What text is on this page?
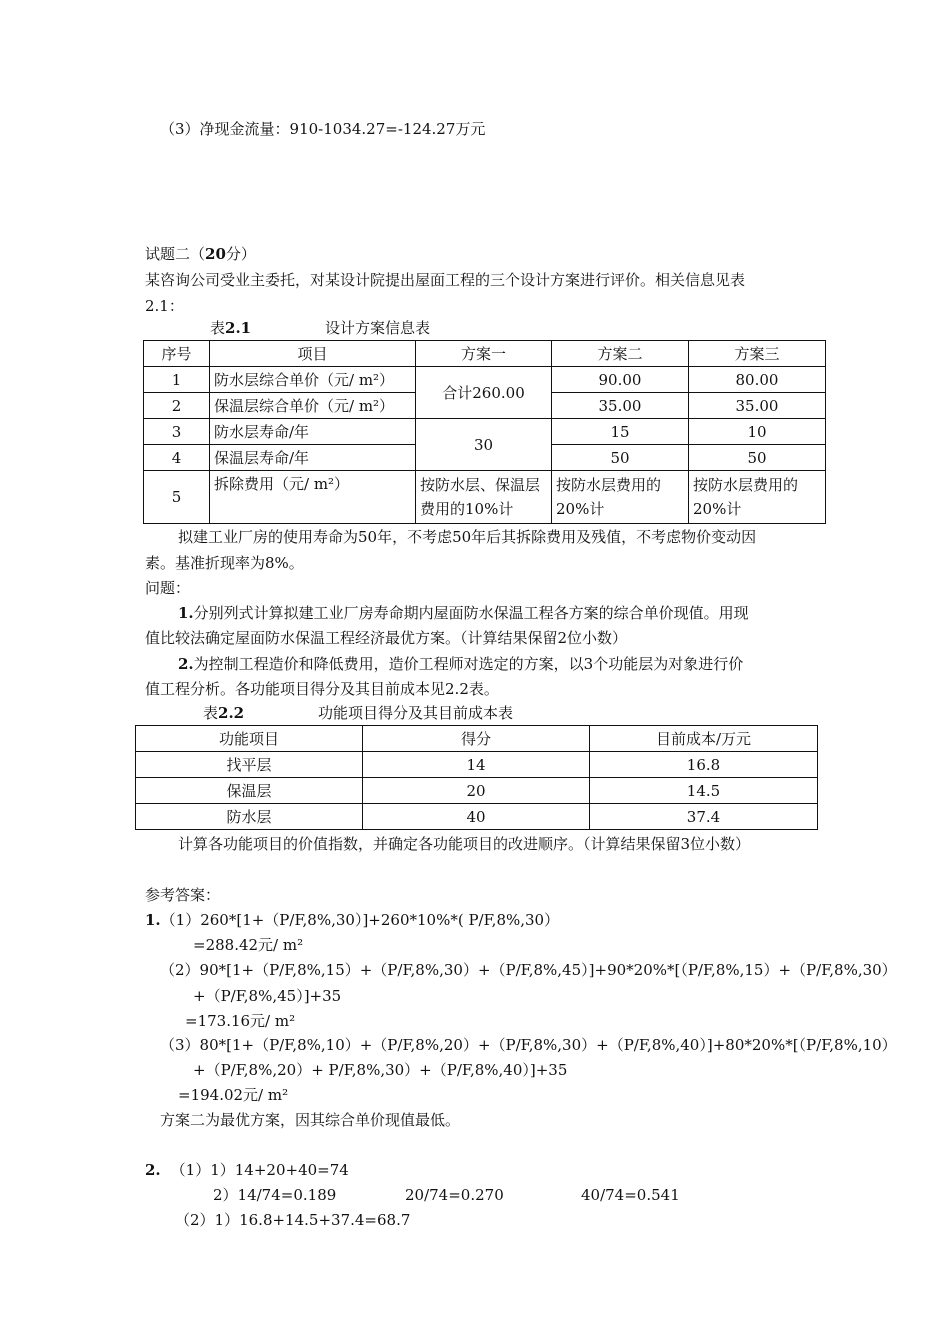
（3）净现金流量：910-1034.27=-124.27万元
试题二（20分）
某咨询公司受业主委托，对某设计院提出屋面工程的三个设计方案进行评价。相关信息见表
2.1：
表2.1	设计方案信息表
序号	项目	方案一	方案二	方案三
1	防水层综合单价（元/ m²）	合计260.00	90.00	80.00
2	保温层综合单价（元/ m²）		35.00	35.00
3	防水层寿命/年	30	15	10
4	保温层寿命/年		50	50
5	拆除费用（元/ m²）	按防水层、保温层费用的10%计	按防水层费用的20%计	按防水层费用的20%计
拟建工业厂房的使用寿命为50年，不考虑50年后其拆除费用及残值，不考虑物价变动因
素。基准折现率为8%。
问题：
1.分别列式计算拟建工业厂房寿命期内屋面防水保温工程各方案的综合单价现值。用现
值比较法确定屋面防水保温工程经济最优方案。（计算结果保留2位小数）
2.为控制工程造价和降低费用，造价工程师对选定的方案，以3个功能层为对象进行价
值工程分析。各功能项目得分及其目前成本见2.2表。
表2.2	功能项目得分及其目前成本表
功能项目	得分	目前成本/万元
找平层	14	16.8
保温层	20	14.5
防水层	40	37.4
计算各功能项目的价值指数，并确定各功能项目的改进顺序。（计算结果保留3位小数）
参考答案：
1.（1）260*[1+（P/F,8%,30）]+260*10%*( P/F,8%,30）
=288.42元/ m²
（2）90*[1+（P/F,8%,15）+（P/F,8%,30）+（P/F,8%,45）]+90*20%*[（P/F,8%,15）+（P/F,8%,30）
+（P/F,8%,45）]+35
=173.16元/ m²
（3）80*[1+（P/F,8%,10）+（P/F,8%,20）+（P/F,8%,30）+（P/F,8%,40）]+80*20%*[（P/F,8%,10）
+（P/F,8%,20）+ P/F,8%,30）+（P/F,8%,40）]+35
=194.02元/ m²
方案二为最优方案，因其综合单价现值最低。
2. （1）1）14+20+40=74
2）14/74=0.189	20/74=0.270	40/74=0.541
（2）1）16.8+14.5+37.4=68.7
